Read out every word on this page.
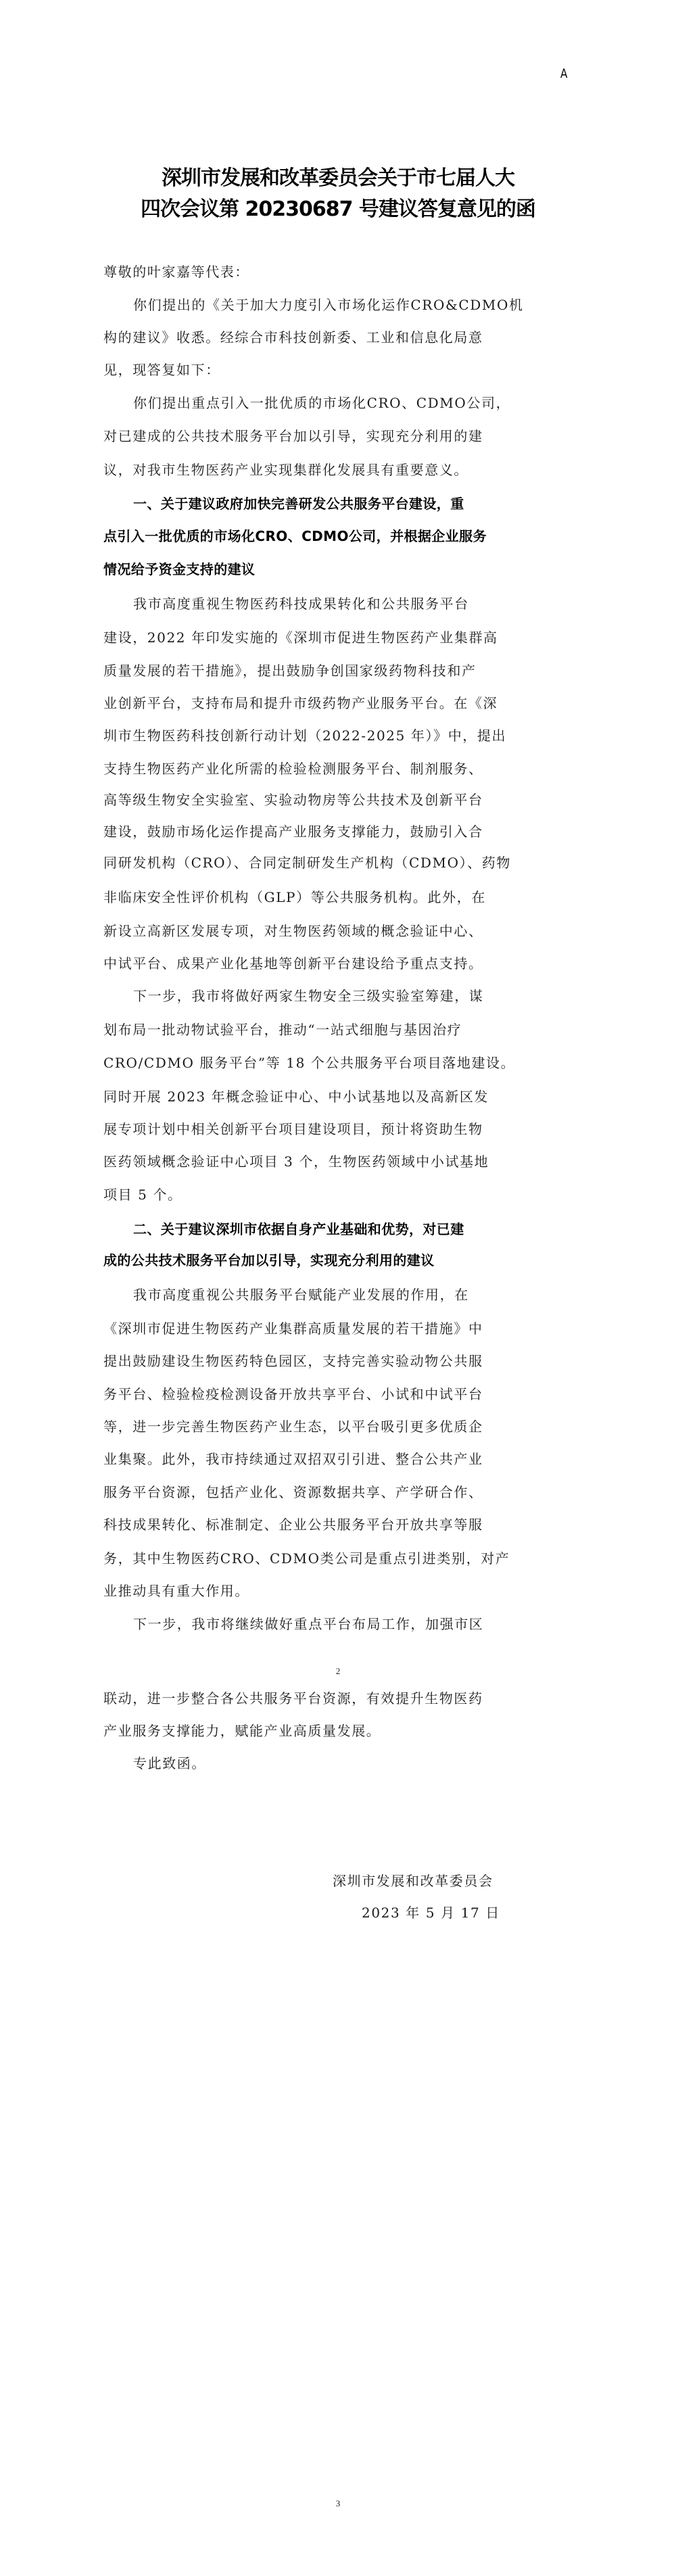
A
深圳市发展和改革委员会关于市七届人大
四次会议第 20230687 号建议答复意见的函
尊敬的叶家嘉等代表：
你们提出的《关于加大力度引入市场化运作CRO&CDMO机
构的建议》收悉。经综合市科技创新委、工业和信息化局意
见，现答复如下：
你们提出重点引入一批优质的市场化CRO、CDMO公司，
对已建成的公共技术服务平台加以引导，实现充分利用的建
议，对我市生物医药产业实现集群化发展具有重要意义。
一、关于建议政府加快完善研发公共服务平台建设，重
点引入一批优质的市场化CRO、CDMO公司，并根据企业服务
情况给予资金支持的建议
我市高度重视生物医药科技成果转化和公共服务平台
建设，2022 年印发实施的《深圳市促进生物医药产业集群高
质量发展的若干措施》，提出鼓励争创国家级药物科技和产
业创新平台，支持布局和提升市级药物产业服务平台。在《深
圳市生物医药科技创新行动计划（2022-2025 年）》中，提出
支持生物医药产业化所需的检验检测服务平台、制剂服务、
高等级生物安全实验室、实验动物房等公共技术及创新平台
建设，鼓励市场化运作提高产业服务支撑能力，鼓励引入合
同研发机构（CRO）、合同定制研发生产机构（CDMO）、药物
非临床安全性评价机构（GLP）等公共服务机构。此外，在
新设立高新区发展专项，对生物医药领域的概念验证中心、
中试平台、成果产业化基地等创新平台建设给予重点支持。
下一步，我市将做好两家生物安全三级实验室筹建，谋
划布局一批动物试验平台，推动“一站式细胞与基因治疗
CRO/CDMO 服务平台”等 18 个公共服务平台项目落地建设。
同时开展 2023 年概念验证中心、中小试基地以及高新区发
展专项计划中相关创新平台项目建设项目，预计将资助生物
医药领域概念验证中心项目 3 个，生物医药领域中小试基地
项目 5 个。
二、关于建议深圳市依据自身产业基础和优势，对已建
成的公共技术服务平台加以引导，实现充分利用的建议
我市高度重视公共服务平台赋能产业发展的作用，在
《深圳市促进生物医药产业集群高质量发展的若干措施》中
提出鼓励建设生物医药特色园区，支持完善实验动物公共服
务平台、检验检疫检测设备开放共享平台、小试和中试平台
等，进一步完善生物医药产业生态，以平台吸引更多优质企
业集聚。此外，我市持续通过双招双引引进、整合公共产业
服务平台资源，包括产业化、资源数据共享、产学研合作、
科技成果转化、标准制定、企业公共服务平台开放共享等服
务，其中生物医药CRO、CDMO类公司是重点引进类别，对产
业推动具有重大作用。
下一步，我市将继续做好重点平台布局工作，加强市区
联动，进一步整合各公共服务平台资源，有效提升生物医药
产业服务支撑能力，赋能产业高质量发展。
专此致函。
2
3
深圳市发展和改革委员会
2023 年 5 月 17 日
